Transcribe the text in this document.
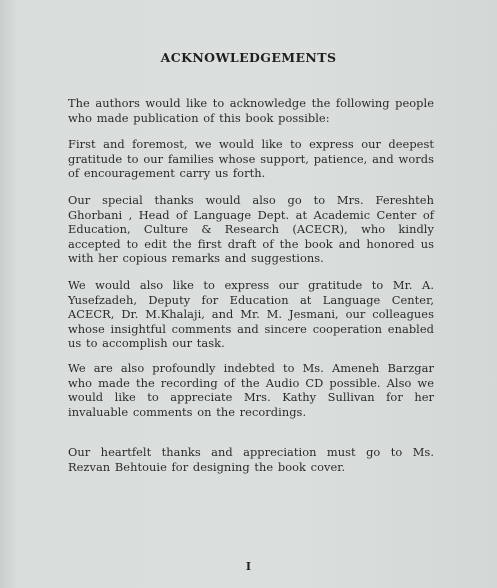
ACKNOWLEDGEMENTS

The authors would like to acknowledge the following people who made publication of this book possible:

First and foremost, we would like to express our deepest gratitude to our families whose support, patience, and words of encouragement carry us forth.

Our special thanks would also go to Mrs. Fereshteh Ghorbani , Head of Language Dept. at Academic Center of Education, Culture & Research (ACECR), who kindly accepted to edit the first draft of the book and honored us with her copious remarks and suggestions.

We would also like to express our gratitude to Mr. A. Yusefzadeh, Deputy for Education at Language Center, ACECR, Dr. M.Khalaji, and Mr. M. Jesmani, our colleagues whose insightful comments and sincere cooperation enabled us to accomplish our task.

We are also profoundly indebted to Ms. Ameneh Barzgar who made the recording of the Audio CD possible. Also we would like to appreciate Mrs. Kathy Sullivan for her invaluable comments on the recordings.

Our heartfelt thanks and appreciation must go to Ms. Rezvan Behtouie for designing the book cover.

I
